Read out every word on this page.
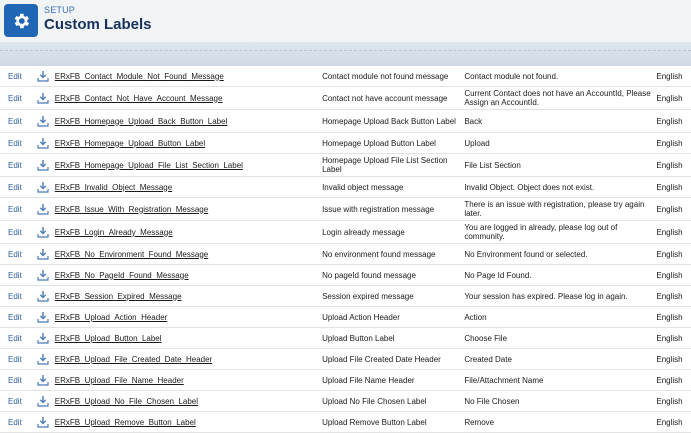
SETUP
Custom Labels
Edit		ERxFB_Contact_Module_Not_Found_Message	Contact module not found message	Contact module not found.	English
Edit		ERxFB_Contact_Not_Have_Account_Message	Contact not have account message	Current Contact does not have an AccountId, Please Assign an AccountId.	English
Edit		ERxFB_Homepage_Upload_Back_Button_Label	Homepage Upload Back Button Label	Back	English
Edit		ERxFB_Homepage_Upload_Button_Label	Homepage Upload Button Label	Upload	English
Edit		ERxFB_Homepage_Upload_File_List_Section_Label	Homepage Upload File List Section Label	File List Section	English
Edit		ERxFB_Invalid_Object_Message	Invalid object message	Invalid Object. Object does not exist.	English
Edit		ERxFB_Issue_With_Registration_Message	Issue with registration message	There is an issue with registration, please try again later.	English
Edit		ERxFB_Login_Already_Message	Login already message	You are logged in already, please log out of community.	English
Edit		ERxFB_No_Environment_Found_Message	No environment found message	No Environment found or selected.	English
Edit		ERxFB_No_PageId_Found_Message	No pageId found message	No Page Id Found.	English
Edit		ERxFB_Session_Expired_Message	Session expired message	Your session has expired. Please log in again.	English
Edit		ERxFB_Upload_Action_Header	Upload Action Header	Action	English
Edit		ERxFB_Upload_Button_Label	Upload Button Label	Choose File	English
Edit		ERxFB_Upload_File_Created_Date_Header	Upload File Created Date Header	Created Date	English
Edit		ERxFB_Upload_File_Name_Header	Upload File Name Header	File/Attachment Name	English
Edit		ERxFB_Upload_No_File_Chosen_Label	Upload No File Chosen Label	No File Chosen	English
Edit		ERxFB_Upload_Remove_Button_Label	Upload Remove Button Label	Remove	English
